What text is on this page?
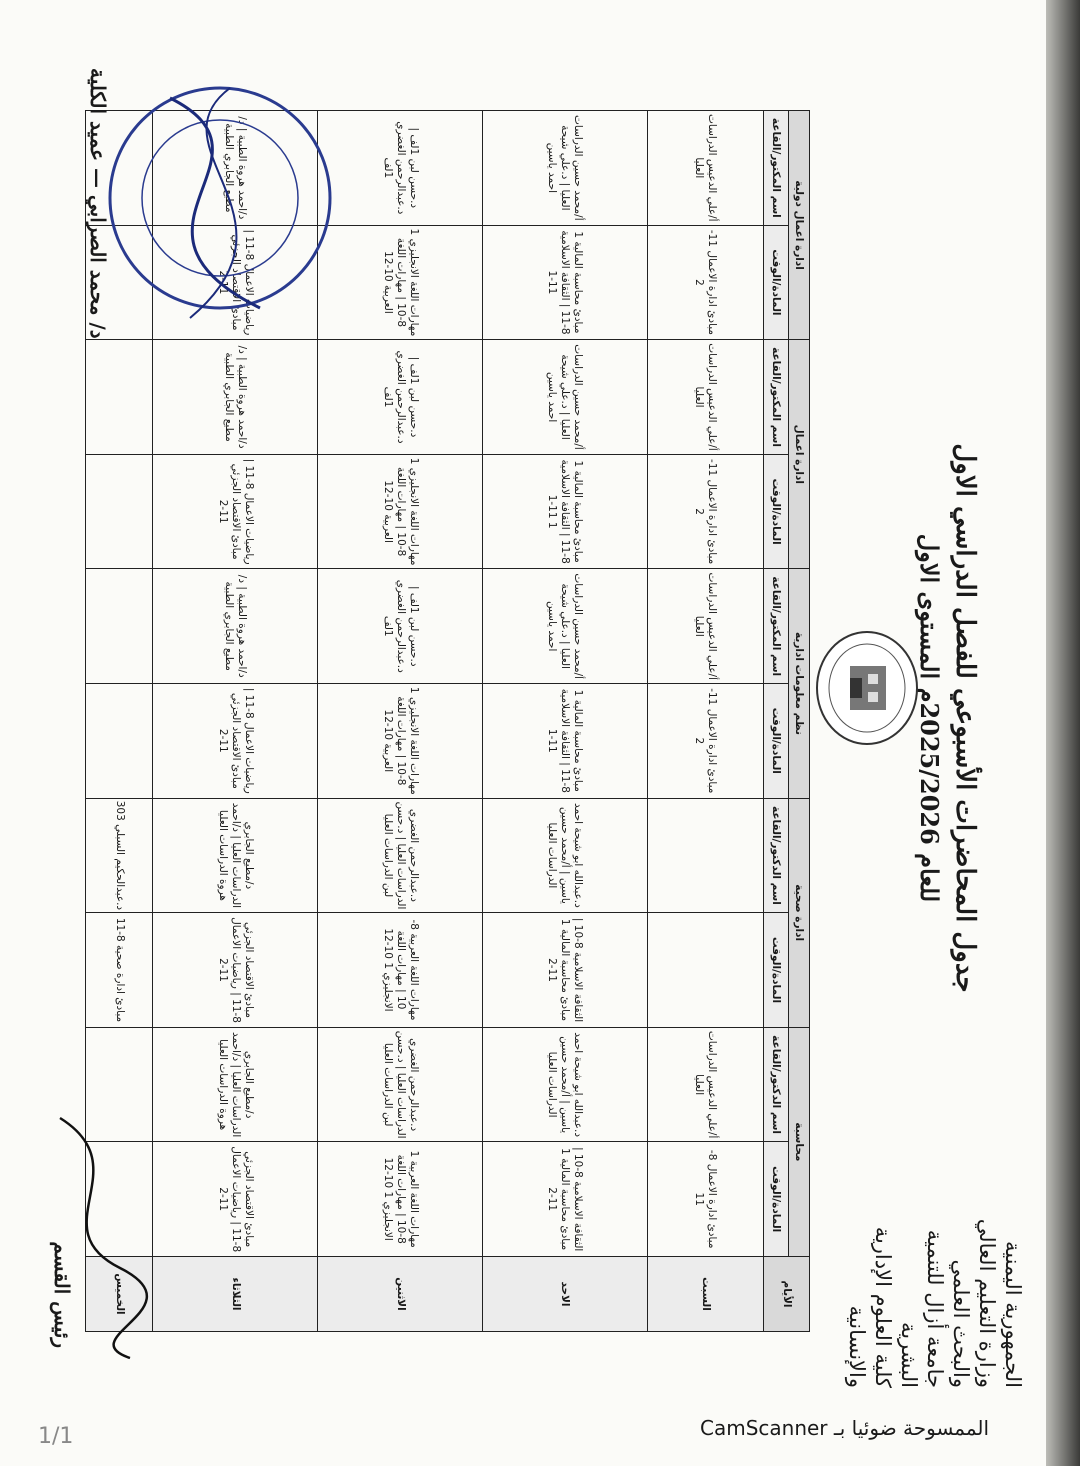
الجمهورية اليمنية
وزارة التعليم العالي
والبحث العلمي
جامعة أزال للتنمية
البشرية
كلية العلوم الإدارية
والإنسانية
جدول المحاضرات الأسبوعي للفصل الدراسي الاول
للعام 2025/2026م المستوى الاول
الأيام	محاسبة		ادارة صحية		نظم معلومات ادارية		ادارة اعمال		ادارة اعمال دولية	
	المادة/الوقت	اسم الدكتور/القاعة	المادة/الوقت	اسم الدكتور/القاعة	المادة/الوقت	اسم المكتور/القاعة	المادة/الوقت	اسم المكتور/القاعة	المادة/الوقت	اسم المكتور/القاعة
السبت	مبادئ ادارة الاعمال 8-11	أ/علي الدعيس الدراسات العليا			مبادئ ادارة الاعمال 11-2	أ/علي الدعيس الدراسات العليا	مبادئ ادارة الاعمال 11-2	أ/علي الدعيس الدراسات العليا	مبادئ ادارة الاعمال 11-2	أ/علي الدعيس الدراسات العليا
الاحد	الثقافة الاسلامية 8-10 | مبادئ محاسبة المالية 1 11-2	د.عبدالله ابو شيحة احمد ياسين | أ/محمد حسين الدراسات العليا	الثقافة الاسلامية 8-10 | مبادئ محاسبة المالية 1 11-2	د.عبدالله ابو شيحة احمد ياسين | أ/محمد حسين الدراسات العليا	مبادئ محاسبة المالية 1 8-11 | الثقافة الاسلامية 11-1	أ/محمد حسين الدراسات العليا | د.علي شيحة احمد ياسين	مبادئ محاسبة المالية 1 8-11 | الثقافة الاسلامية 1 11-1	أ/محمد حسين الدراسات العليا | د.علي شيحة احمد ياسين	مبادئ محاسبة المالية 1 8-11 | الثقافة الاسلامية 11-1	أ/محمد حسين الدراسات العليا | د.علي شيحة احمد ياسين
الاثنين	مهارات اللغة العربية 1 8-10 | مهارات اللغة الانجليزي 1 10-12	د.عبدالرحمن الغضري الدراسات العليا | د.حسن لبن الدراسات العليا	مهارات اللغة العربية 8-10 | مهارات اللغة الانجليزي 1 10-12	د.عبدالرحمن الغضري الدراسات العليا | د.حسن لبن الدراسات العليا	مهارات اللغة الانجليزي 1 8-10 | مهارات اللغة العربية 10-12	د.حسن لبن 1لف | د.عبدالرحمن الغضري 1لف	مهارات اللغة الانجليزي 1 8-10 | مهارات اللغة العربية 10-12	د.حسن لبن 1لف | د.عبدالرحمن الغضري 1لف	مهارات اللغة الانجليزي 1 8-10 | مهارات اللغة العربية 10-12	د.حسن لبن 1لف | د.عبدالرحمن الغضري 1لف
الثلاثاء	مبادئ الاقتصاد الجزئي 8-11 | رياضيات الاعمال 11-2	د/مطيع الجابري الدراسات العليا | د/احمد هروة الدراسات العليا	مبادئ الاقتصاد الجزئي 8-11 | رياضيات الاعمال 11-2	د/مطيع الجابري الدراسات العليا | د/احمد هروة الدراسات العليا	رياضيات الاعمال 8-11 | مبادئ الاقتصاد الجزئي 11-2	د/احمد هروة الطبية | د/مطيع الجابري الطبية	رياضيات الاعمال 8-11 | مبادئ الاقتصاد الجزئي 11-2	د/احمد هروة الطبية | د/مطيع الجابري الطبية	رياضيات الاعمال 8-11 | مبادئ الاقتصاد الجزئي 11-2	د/احمد هروة الطبية | د/مطيع الجابري الطبية
الخميس			مبادئ ادارة صحية 8-11	د.عبدالحكيم السبلي 303						
د/ محمد الصرابي — عميد الكلية
رئيس القسم
الممسوحة ضوئيا بـ CamScanner
1/1
